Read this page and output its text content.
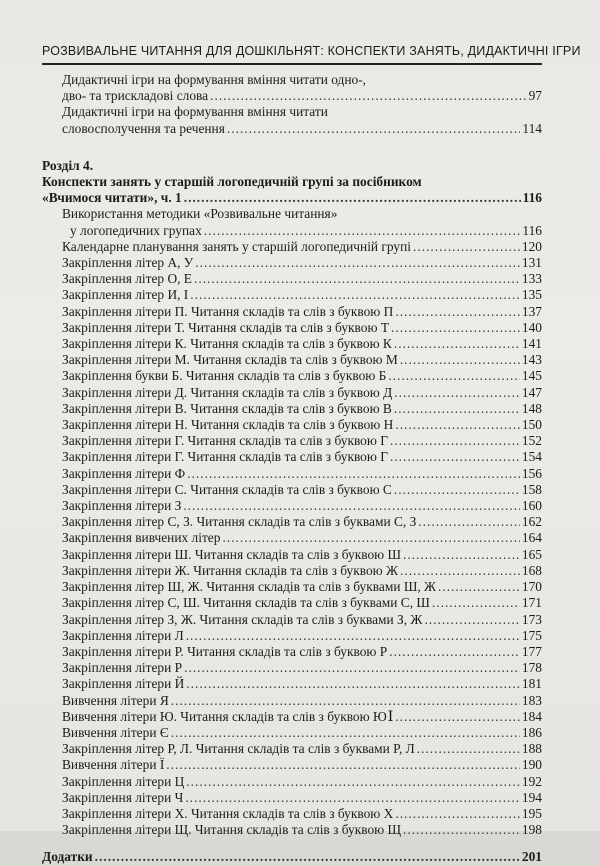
РОЗВИВАЛЬНЕ ЧИТАННЯ ДЛЯ ДОШКІЛЬНЯТ: КОНСПЕКТИ ЗАНЯТЬ, ДИДАКТИЧНІ ІГРИ
Дидактичні ігри на формування вміння читати одно-,
дво- та трискладові слова .....	97
Дидактичні ігри на формування вміння читати
словосполучення та речення .....	114
Розділ 4.
Конспекти занять у старшій логопедичній групі за посібником
«Вчимося читати», ч. 1 .....	116
Використання методики «Розвивальне читання»
у логопедичних групах .....	116
Календарне планування занять у старшій логопедичній групі .....	120
Закріплення літер А, У .....	131
Закріплення літер О, Е .....	133
Закріплення літер И, І .....	135
Закріплення літери П. Читання складів та слів з буквою П .....	137
Закріплення літери Т. Читання складів та слів з буквою Т .....	140
Закріплення літери К. Читання складів та слів з буквою К .....	141
Закріплення літери М. Читання складів та слів з буквою М .....	143
Закріплення букви Б. Читання складів та слів з буквою Б .....	145
Закріплення літери Д. Читання складів та слів з буквою Д .....	147
Закріплення літери В. Читання складів та слів з буквою В .....	148
Закріплення літери Н. Читання складів та слів з буквою Н .....	150
Закріплення літери Г. Читання складів та слів з буквою Г .....	152
Закріплення літери Г. Читання складів та слів з буквою Г .....	154
Закріплення літери Ф .....	156
Закріплення літери С. Читання складів та слів з буквою С .....	158
Закріплення літери З .....	160
Закріплення літер С, З. Читання складів та слів з буквами С, З .....	162
Закріплення вивчених літер .....	164
Закріплення літери Ш. Читання складів та слів з буквою Ш .....	165
Закріплення літери Ж. Читання складів та слів з буквою Ж .....	168
Закріплення літер Ш, Ж. Читання складів та слів з буквами Ш, Ж .....	170
Закріплення літер С, Ш. Читання складів та слів з буквами С, Ш .....	171
Закріплення літер З, Ж. Читання складів та слів з буквами З, Ж .....	173
Закріплення літери Л .....	175
Закріплення літери Р. Читання складів та слів з буквою Р .....	177
Закріплення літери Р .....	178
Закріплення літери Й .....	181
Вивчення літери Я .....	183
Вивчення літери Ю. Читання складів та слів з буквою Ю I .....	184
Вивчення літери Є .....	186
Закріплення літер Р, Л. Читання складів та слів з буквами Р, Л .....	188
Вивчення літери Ї .....	190
Закріплення літери Ц .....	192
Закріплення літери Ч .....	194
Закріплення літери Х. Читання складів та слів з буквою Х .....	195
Закріплення літери Щ. Читання складів та слів з буквою Щ .....	198
Додатки .....	201
